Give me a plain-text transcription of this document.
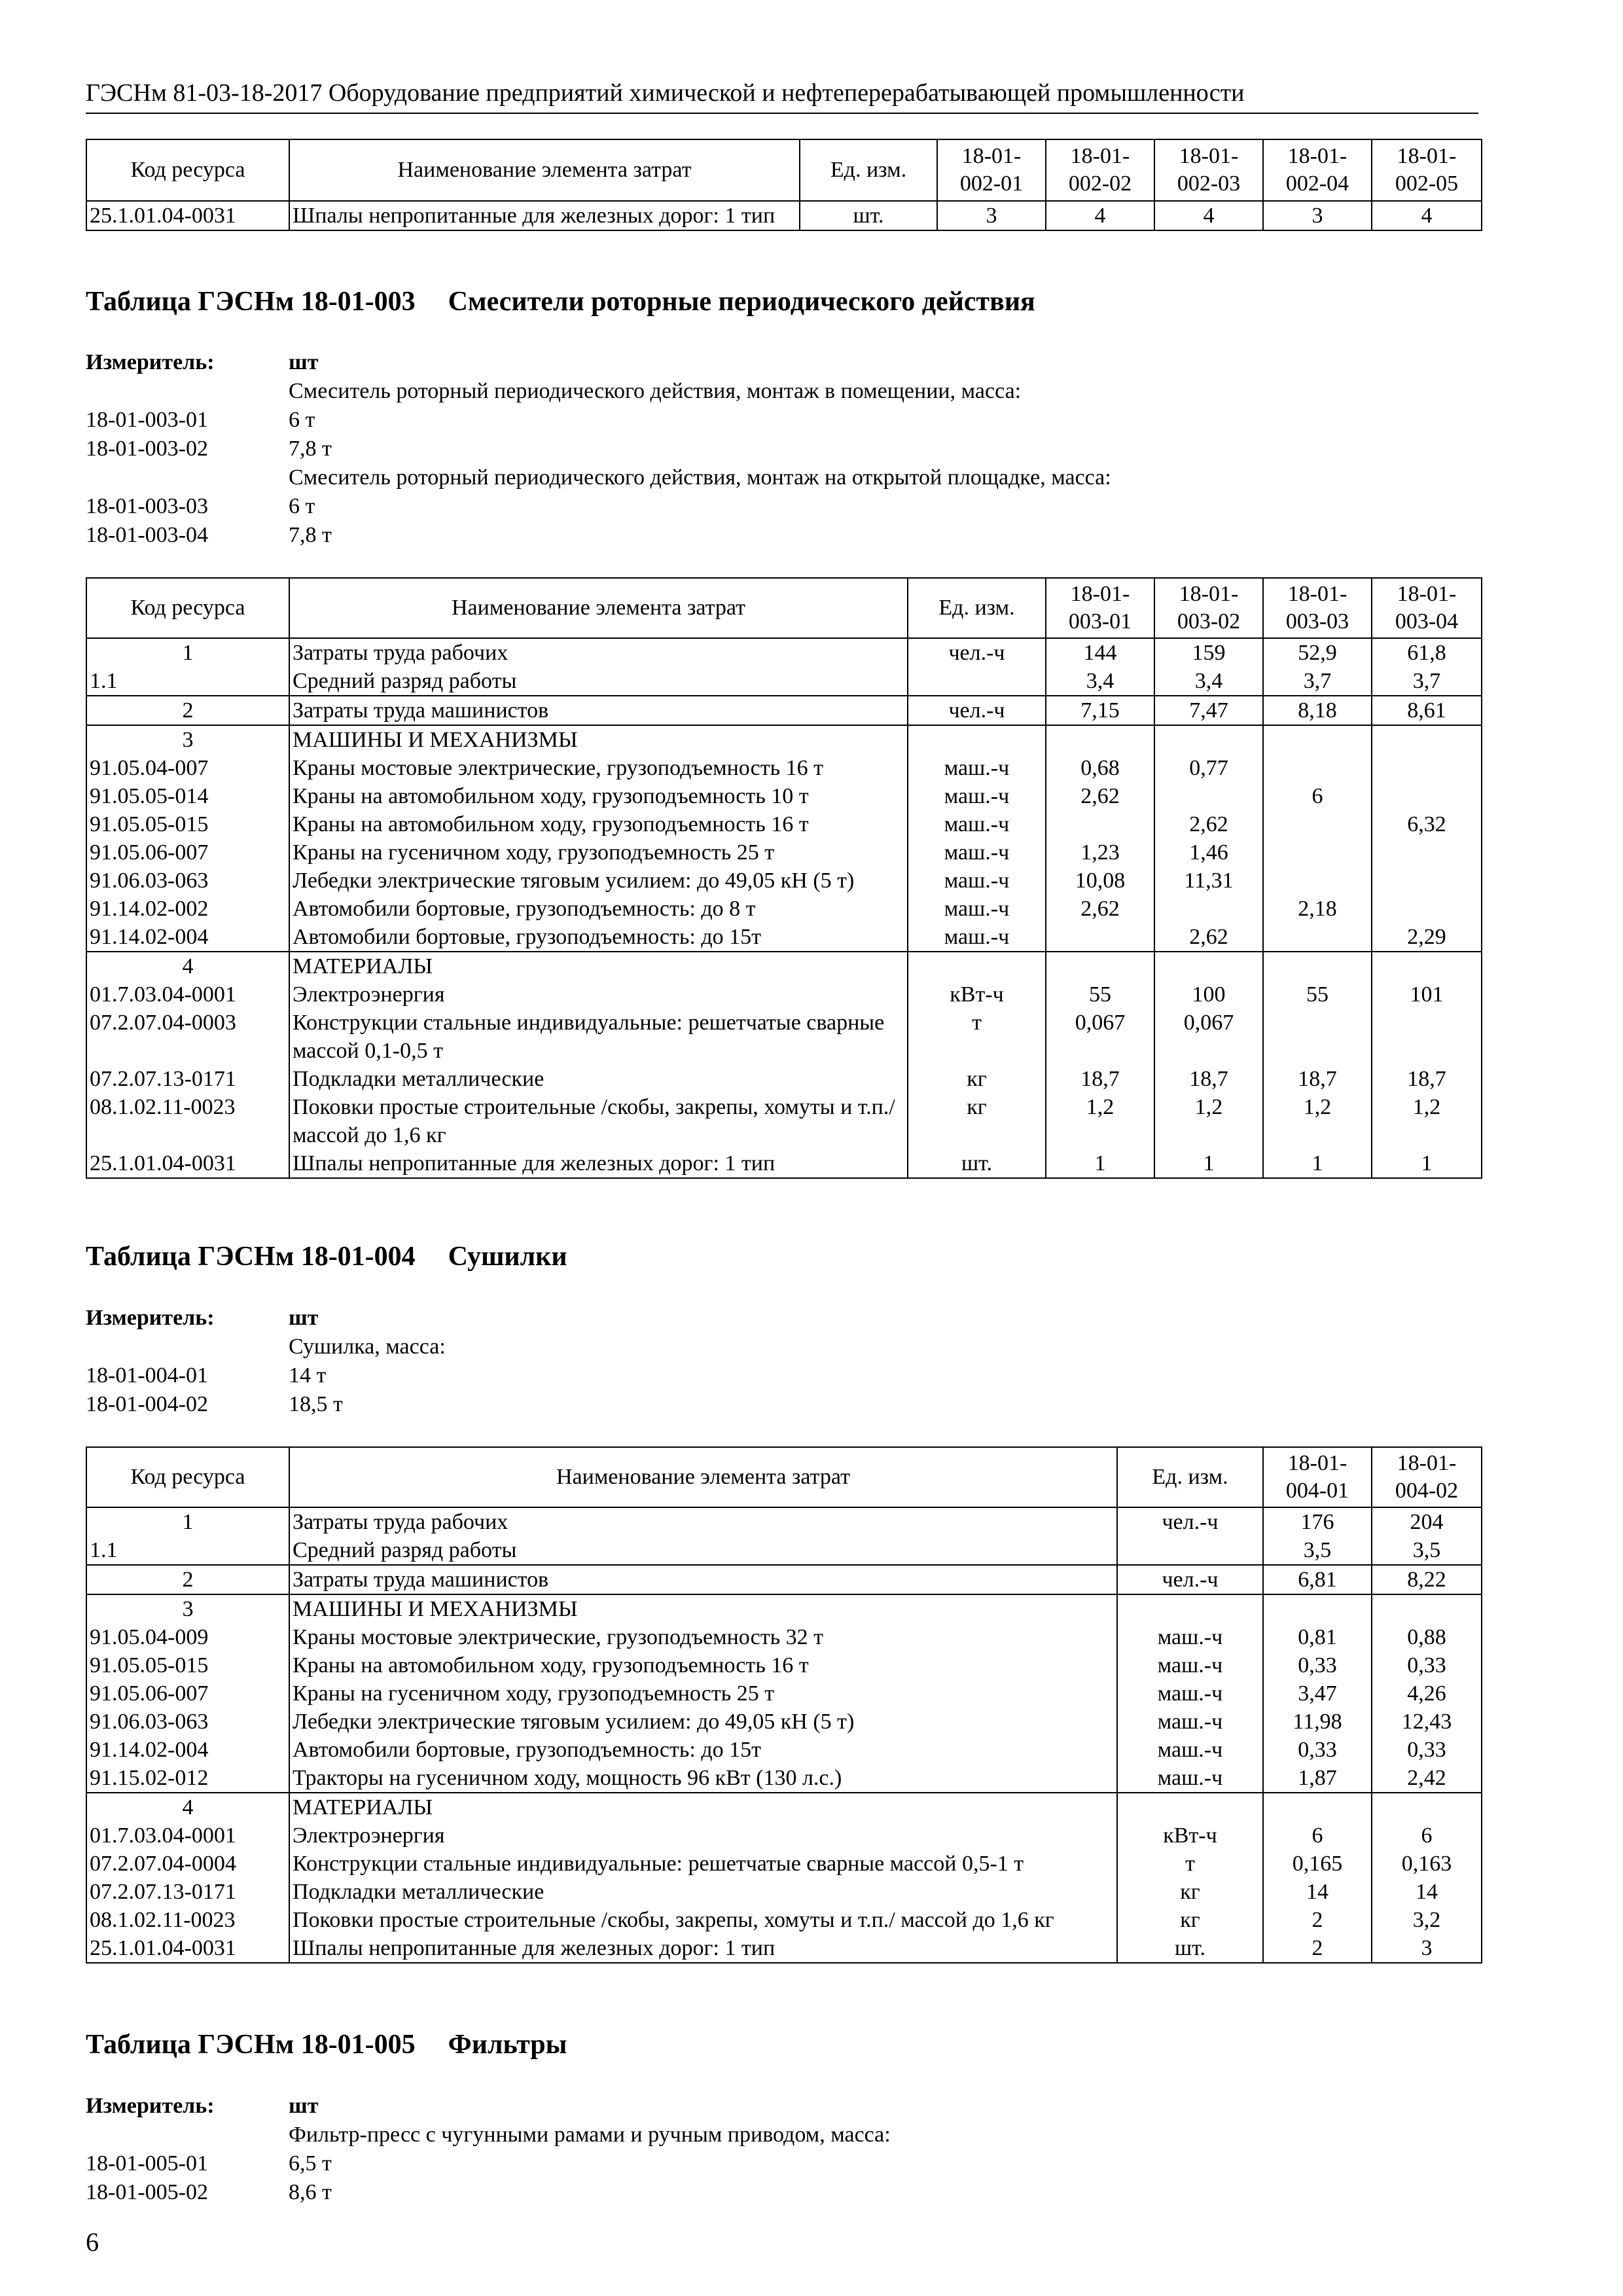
ГЭСНм 81-03-18-2017 Оборудование предприятий химической и нефтеперерабатывающей промышленности
Код ресурса	Наименование элемента затрат	Ед. изм.	18-01-
002-01	18-01-
002-02	18-01-
002-03	18-01-
002-04	18-01-
002-05
25.1.01.04-0031	Шпалы непропитанные для железных дорог: 1 тип	шт.	3	4	4	3	4
Таблица ГЭСНм 18-01-003 Смесители роторные периодического действия
Измеритель:	шт
Смеситель роторный периодического действия, монтаж в помещении, масса:
18-01-003-01	6 т
18-01-003-02	7,8 т
Смеситель роторный периодического действия, монтаж на открытой площадке, масса:
18-01-003-03	6 т
18-01-003-04	7,8 т
Код ресурса	Наименование элемента затрат	Ед. изм.	18-01-
003-01	18-01-
003-02	18-01-
003-03	18-01-
003-04
1	Затраты труда рабочих	чел.-ч	144	159	52,9	61,8
1.1	Средний разряд работы		3,4	3,4	3,7	3,7
2	Затраты труда машинистов	чел.-ч	7,15	7,47	8,18	8,61
3	МАШИНЫ И МЕХАНИЗМЫ					
91.05.04-007	Краны мостовые электрические, грузоподъемность 16 т	маш.-ч	0,68	0,77		
91.05.05-014	Краны на автомобильном ходу, грузоподъемность 10 т	маш.-ч	2,62		6	
91.05.05-015	Краны на автомобильном ходу, грузоподъемность 16 т	маш.-ч		2,62		6,32
91.05.06-007	Краны на гусеничном ходу, грузоподъемность 25 т	маш.-ч	1,23	1,46		
91.06.03-063	Лебедки электрические тяговым усилием: до 49,05 кН (5 т)	маш.-ч	10,08	11,31		
91.14.02-002	Автомобили бортовые, грузоподъемность: до 8 т	маш.-ч	2,62		2,18	
91.14.02-004	Автомобили бортовые, грузоподъемность: до 15т	маш.-ч		2,62		2,29
4	МАТЕРИАЛЫ					
01.7.03.04-0001	Электроэнергия	кВт-ч	55	100	55	101
07.2.07.04-0003	Конструкции стальные индивидуальные: решетчатые сварные массой 0,1-0,5 т	т	0,067	0,067		
07.2.07.13-0171	Подкладки металлические	кг	18,7	18,7	18,7	18,7
08.1.02.11-0023	Поковки простые строительные /скобы, закрепы, хомуты и т.п./ массой до 1,6 кг	кг	1,2	1,2	1,2	1,2
25.1.01.04-0031	Шпалы непропитанные для железных дорог: 1 тип	шт.	1	1	1	1
Таблица ГЭСНм 18-01-004 Сушилки
Измеритель:	шт
Сушилка, масса:
18-01-004-01	14 т
18-01-004-02	18,5 т
Код ресурса	Наименование элемента затрат	Ед. изм.	18-01-
004-01	18-01-
004-02
1	Затраты труда рабочих	чел.-ч	176	204
1.1	Средний разряд работы		3,5	3,5
2	Затраты труда машинистов	чел.-ч	6,81	8,22
3	МАШИНЫ И МЕХАНИЗМЫ			
91.05.04-009	Краны мостовые электрические, грузоподъемность 32 т	маш.-ч	0,81	0,88
91.05.05-015	Краны на автомобильном ходу, грузоподъемность 16 т	маш.-ч	0,33	0,33
91.05.06-007	Краны на гусеничном ходу, грузоподъемность 25 т	маш.-ч	3,47	4,26
91.06.03-063	Лебедки электрические тяговым усилием: до 49,05 кН (5 т)	маш.-ч	11,98	12,43
91.14.02-004	Автомобили бортовые, грузоподъемность: до 15т	маш.-ч	0,33	0,33
91.15.02-012	Тракторы на гусеничном ходу, мощность 96 кВт (130 л.с.)	маш.-ч	1,87	2,42
4	МАТЕРИАЛЫ			
01.7.03.04-0001	Электроэнергия	кВт-ч	6	6
07.2.07.04-0004	Конструкции стальные индивидуальные: решетчатые сварные массой 0,5-1 т	т	0,165	0,163
07.2.07.13-0171	Подкладки металлические	кг	14	14
08.1.02.11-0023	Поковки простые строительные /скобы, закрепы, хомуты и т.п./ массой до 1,6 кг	кг	2	3,2
25.1.01.04-0031	Шпалы непропитанные для железных дорог: 1 тип	шт.	2	3
Таблица ГЭСНм 18-01-005 Фильтры
Измеритель:	шт
Фильтр-пресс с чугунными рамами и ручным приводом, масса:
18-01-005-01	6,5 т
18-01-005-02	8,6 т
6
